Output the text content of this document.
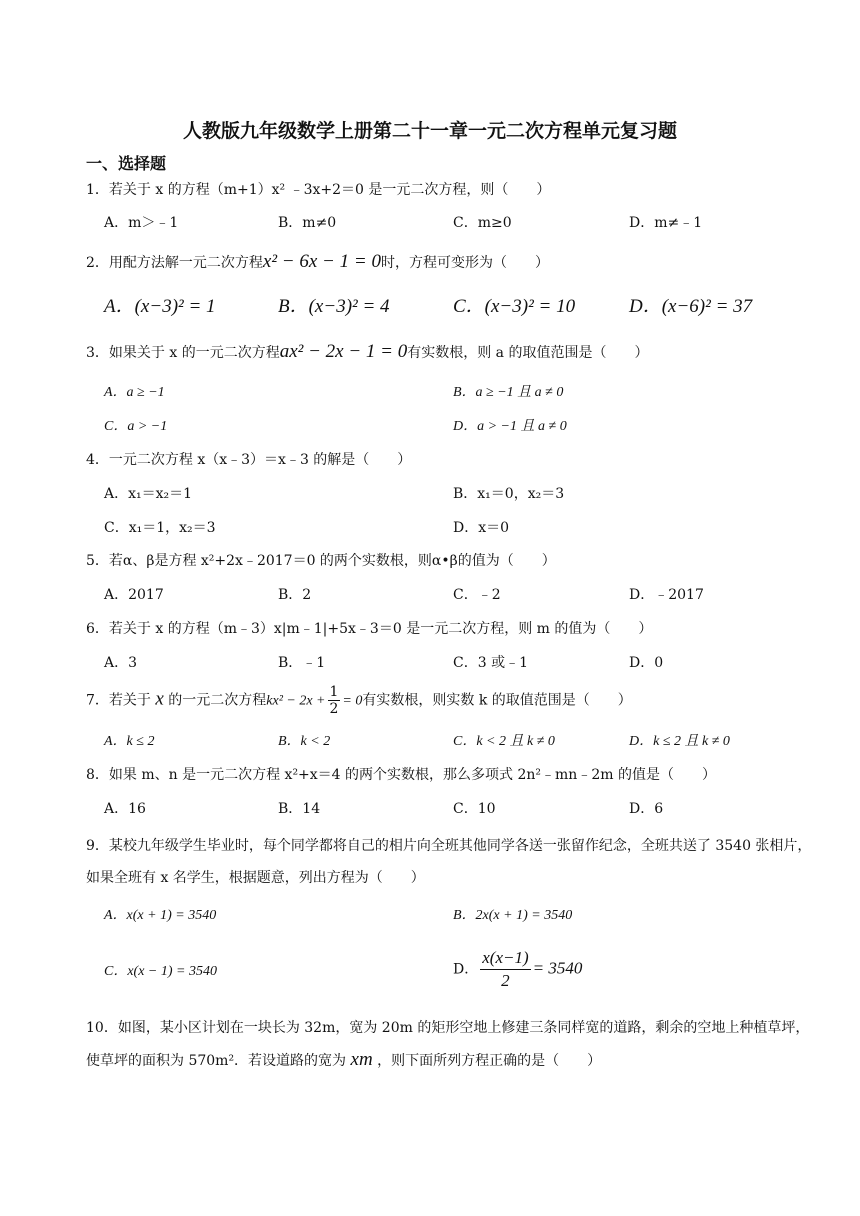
人教版九年级数学上册第二十一章一元二次方程单元复习题
一、选择题
1．若关于 x 的方程（m+1）x² ﹣3x+2＝0 是一元二次方程，则（　　）
A．m＞﹣1	B．m≠0	C．m≥0	D．m≠﹣1
2．用配方法解一元二次方程x² − 6x − 1 = 0时，方程可变形为（　　）
A．(x−3)² = 1	B．(x−3)² = 4	C．(x−3)² = 10	D．(x−6)² = 37
3．如果关于 x 的一元二次方程ax² − 2x − 1 = 0有实数根，则 a 的取值范围是（　　）
A．a ≥ −1	B．a ≥ −1 且 a ≠ 0
C．a > −1	D．a > −1 且 a ≠ 0
4．一元二次方程 x（x﹣3）＝x﹣3 的解是（　　）
A．x₁＝x₂＝1	B．x₁＝0，x₂＝3
C．x₁＝1，x₂＝3	D．x＝0
5．若α、β是方程 x²+2x﹣2017＝0 的两个实数根，则α•β的值为（　　）
A．2017	B．2	C．﹣2	D．﹣2017
6．若关于 x 的方程（m﹣3）x|m﹣1|+5x﹣3＝0 是一元二次方程，则 m 的值为（　　）
A．3	B．﹣1	C．3 或﹣1	D．0
7．若关于 x 的一元二次方程$kx^2 - 2x + \frac{1}{2} = 0$有实数根，则实数 k 的取值范围是（　　）
A．k ≤ 2	B．k < 2	C．k < 2 且 k ≠ 0	D．k ≤ 2 且 k ≠ 0
8．如果 m、n 是一元二次方程 x²+x＝4 的两个实数根，那么多项式 2n²﹣mn﹣2m 的值是（　　）
A．16	B．14	C．10	D．6
9．某校九年级学生毕业时，每个同学都将自己的相片向全班其他同学各送一张留作纪念，全班共送了 3540 张相片，如果全班有 x 名学生，根据题意，列出方程为（　　）
A．x(x + 1) = 3540	B．2x(x + 1) = 3540
C．x(x − 1) = 3540	D． $\frac{x(x-1)}{2} = 3540$
10．如图，某小区计划在一块长为 32m，宽为 20m 的矩形空地上修建三条同样宽的道路，剩余的空地上种植草坪，使草坪的面积为 570m²．若设道路的宽为 xm ，则下面所列方程正确的是（　　）
